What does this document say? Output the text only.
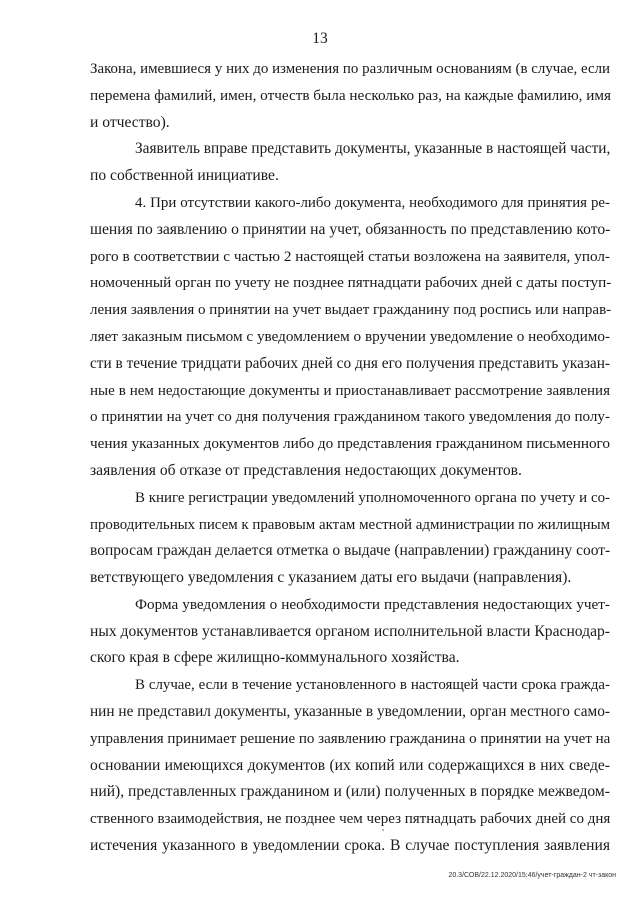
13
Закона, имевшиеся у них до изменения по различным основаниям (в случае, если
перемена фамилий, имен, отчеств была несколько раз, на каждые фамилию, имя
и отчество).
Заявитель вправе представить документы, указанные в настоящей части,
по собственной инициативе.
4. При отсутствии какого-либо документа, необходимого для принятия ре-
шения по заявлению о принятии на учет, обязанность по представлению кото-
рого в соответствии с частью 2 настоящей статьи возложена на заявителя, упол-
номоченный орган по учету не позднее пятнадцати рабочих дней с даты поступ-
ления заявления о принятии на учет выдает гражданину под роспись или направ-
ляет заказным письмом с уведомлением о вручении уведомление о необходимо-
сти в течение тридцати рабочих дней со дня его получения представить указан-
ные в нем недостающие документы и приостанавливает рассмотрение заявления
о принятии на учет со дня получения гражданином такого уведомления до полу-
чения указанных документов либо до представления гражданином письменного
заявления об отказе от представления недостающих документов.
В книге регистрации уведомлений уполномоченного органа по учету и со-
проводительных писем к правовым актам местной администрации по жилищным
вопросам граждан делается отметка о выдаче (направлении) гражданину соот-
ветствующего уведомления с указанием даты его выдачи (направления).
Форма уведомления о необходимости представления недостающих учет-
ных документов устанавливается органом исполнительной власти Краснодар-
ского края в сфере жилищно-коммунального хозяйства.
В случае, если в течение установленного в настоящей части срока гражда-
нин не представил документы, указанные в уведомлении, орган местного само-
управления принимает решение по заявлению гражданина о принятии на учет на
основании имеющихся документов (их копий или содержащихся в них сведе-
ний), представленных гражданином и (или) полученных в порядке межведом-
ственного взаимодействия, не позднее чем через пятнадцать рабочих дней со дня
истечения указанного в уведомлении срока. В случае поступления заявления
20.3/СОВ/22.12.2020/15:46/учет-граждан-2 чт-закон
